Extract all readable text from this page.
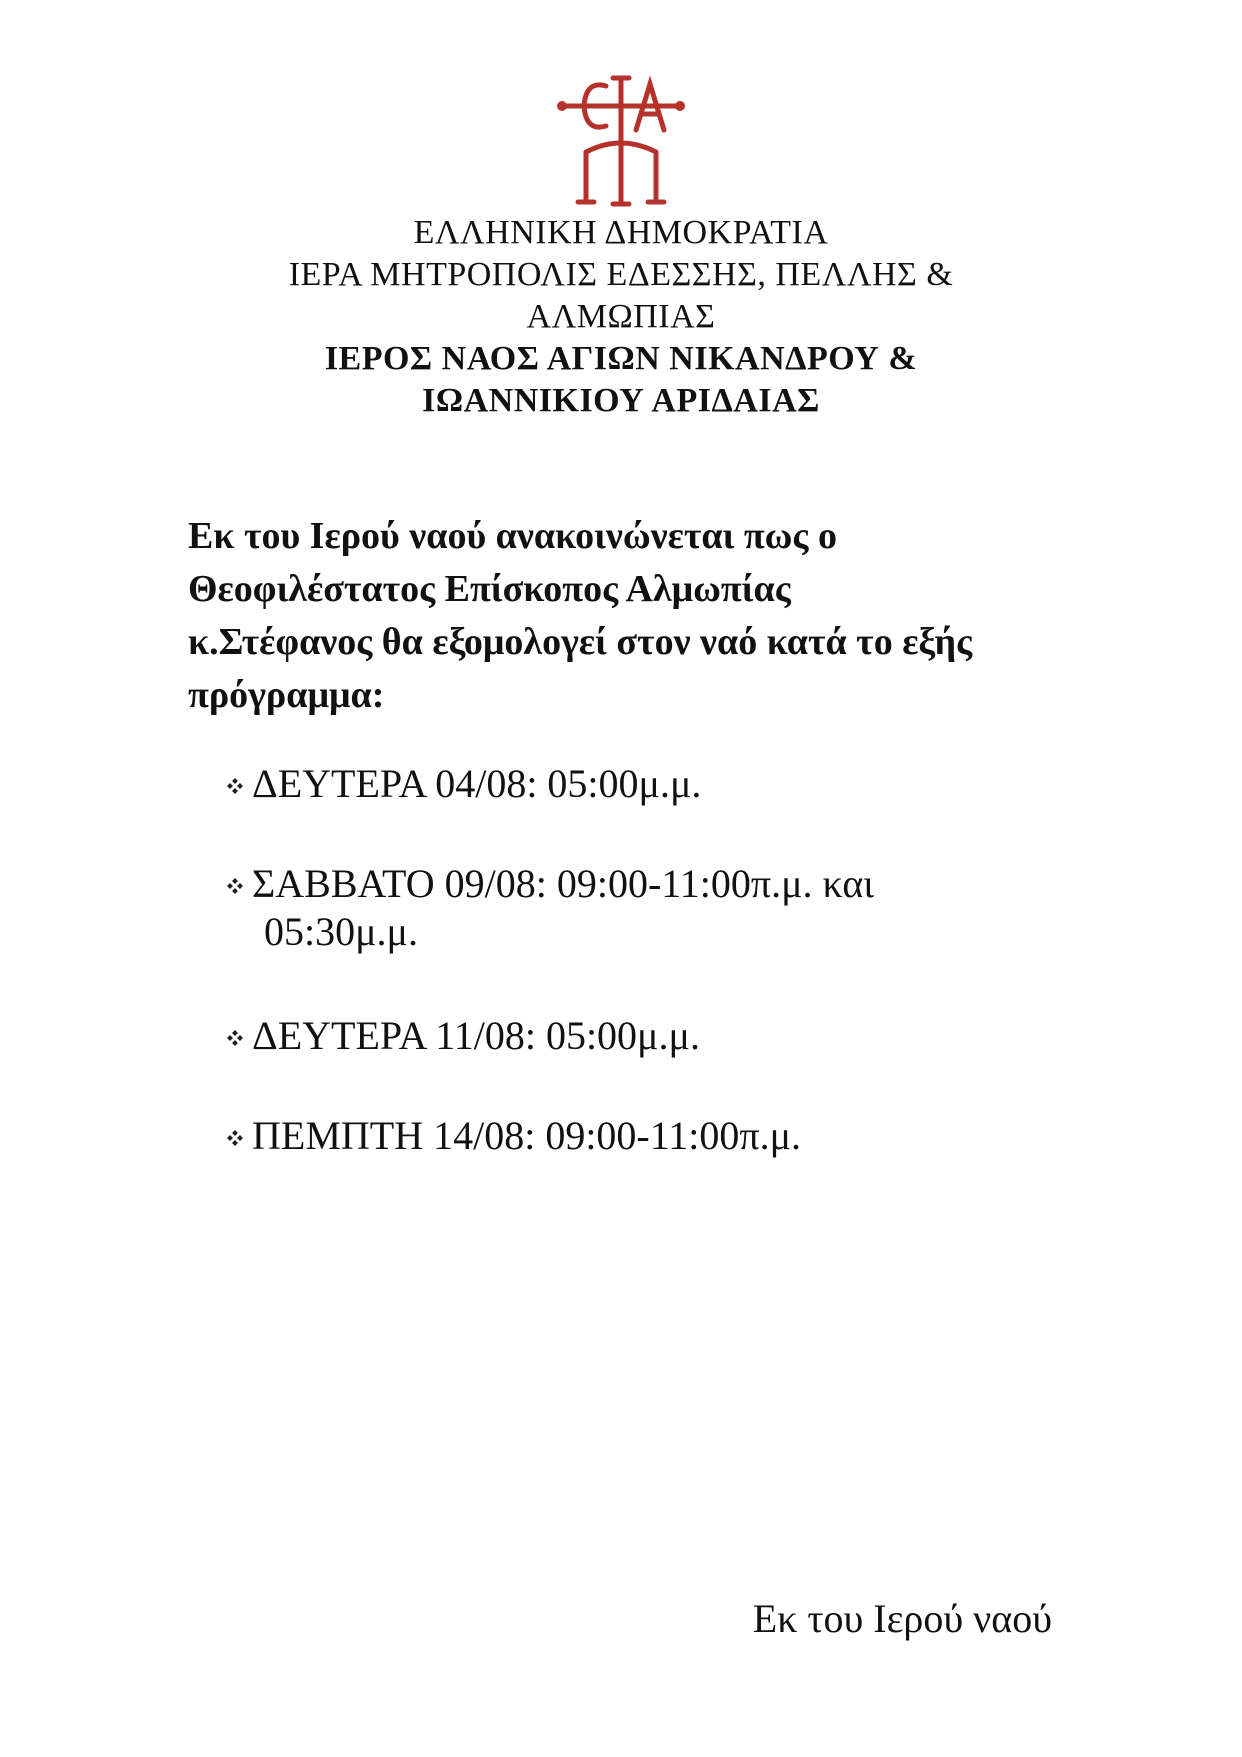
ΕΛΛΗΝΙΚΗ ΔΗΜΟΚΡΑΤΙΑ
ΙΕΡΑ ΜΗΤΡΟΠΟΛΙΣ ΕΔΕΣΣΗΣ, ΠΕΛΛΗΣ &
ΑΛΜΩΠΙΑΣ
ΙΕΡΟΣ ΝΑΟΣ ΑΓΙΩΝ ΝΙΚΑΝΔΡΟΥ &
ΙΩΑΝΝΙΚΙΟΥ ΑΡΙΔΑΙΑΣ
Εκ του Ιερού ναού ανακοινώνεται πως ο
Θεοφιλέστατος Επίσκοπος Αλμωπίας
κ.Στέφανος θα εξομολογεί στον ναό κατά το εξής
πρόγραμμα:
ΔΕΥΤΕΡΑ 04/08: 05:00μ.μ.
ΣΑΒΒΑΤΟ 09/08: 09:00-11:00π.μ. και
05:30μ.μ.
ΔΕΥΤΕΡΑ 11/08: 05:00μ.μ.
ΠΕΜΠΤΗ 14/08: 09:00-11:00π.μ.
Εκ του Ιερού ναού
